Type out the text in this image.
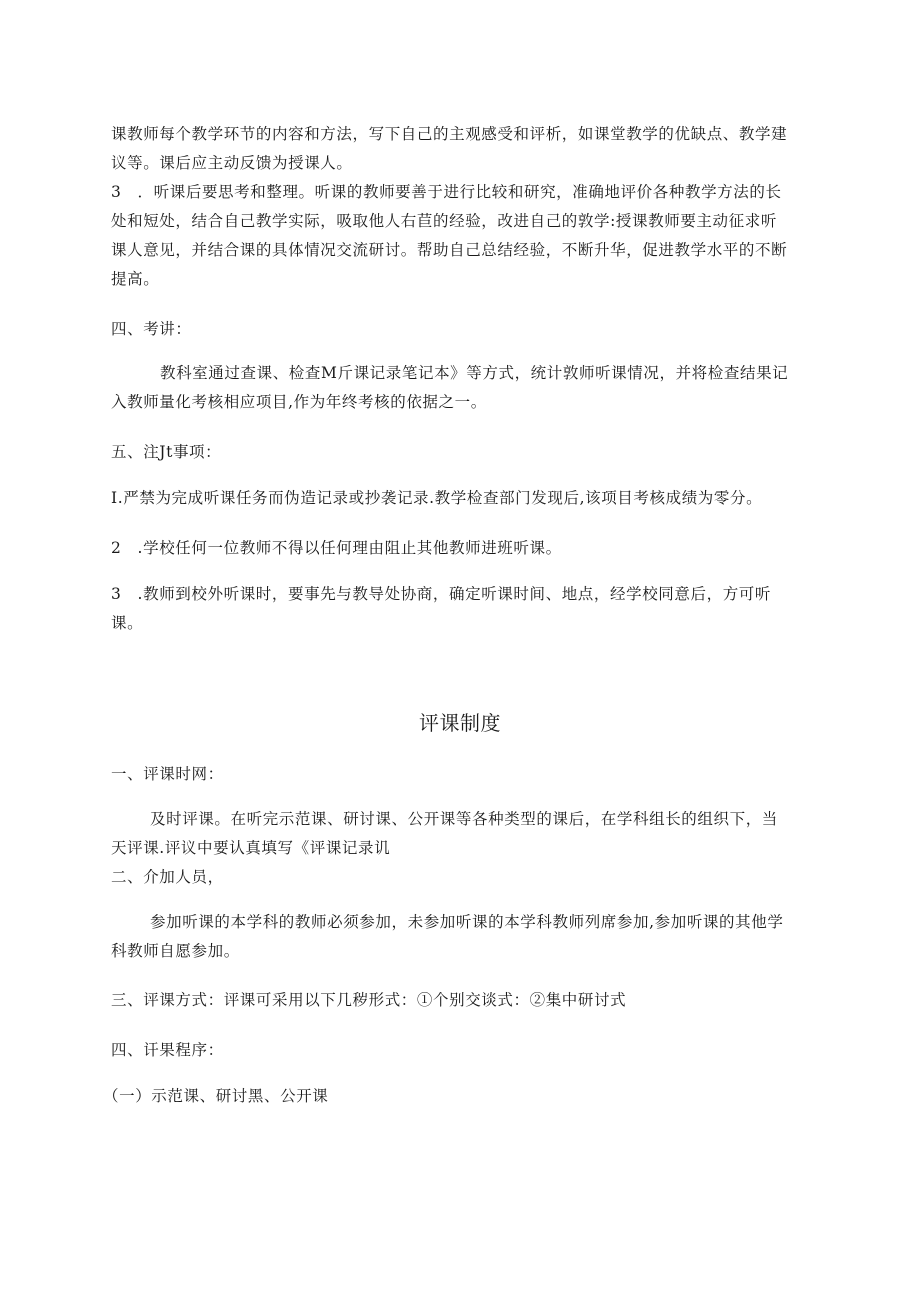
课教师每个教学环节的内容和方法，写下自己的主观感受和评析，如课堂教学的优缺点、教学建
议等。课后应主动反馈为授课人。
3　．听课后要思考和整理。听课的教师要善于进行比较和研究，准确地评价各种教学方法的长
处和短处，结合自己教学实际，吸取他人右苣的经验，改进自己的敦学:授课教师要主动征求听
课人意见，并结合课的具体情况交流研讨。帮助自己总结经验，不断升华，促进教学水平的不断
提高。
四、考讲：
教科室通过查课、检查M斤课记录笔记本》等方式，统计敦师听课情况，并将检查结果记
入教师量化考核相应项目,作为年终考核的依据之一。
五、注Jt事项：
I.严禁为完成听课任务而伪造记录或抄袭记录.教学检查部门发现后,该项目考核成绩为零分。
2　.学校任何一位教师不得以任何理由阻止其他教师进班听课。
3　.教师到校外听课时，要事先与教导处协商，确定听课时间、地点，经学校同意后，方可听
课。
评课制度
一、评课时网：
及时评课。在听完示范课、研讨课、公开课等各种类型的课后，在学科组长的组织下，当
天评课.评议中要认真填写《评课记录讥
二、介加人员，
参加听课的本学科的教师必须参加，未参加听课的本学科教师列席参加,参加听课的其他学
科教师自愿参加。
三、评课方式：评课可采用以下几秽形式：①个别交谈式：②集中研讨式
四、讦果程序：
（一）示范课、研讨黑、公开课
